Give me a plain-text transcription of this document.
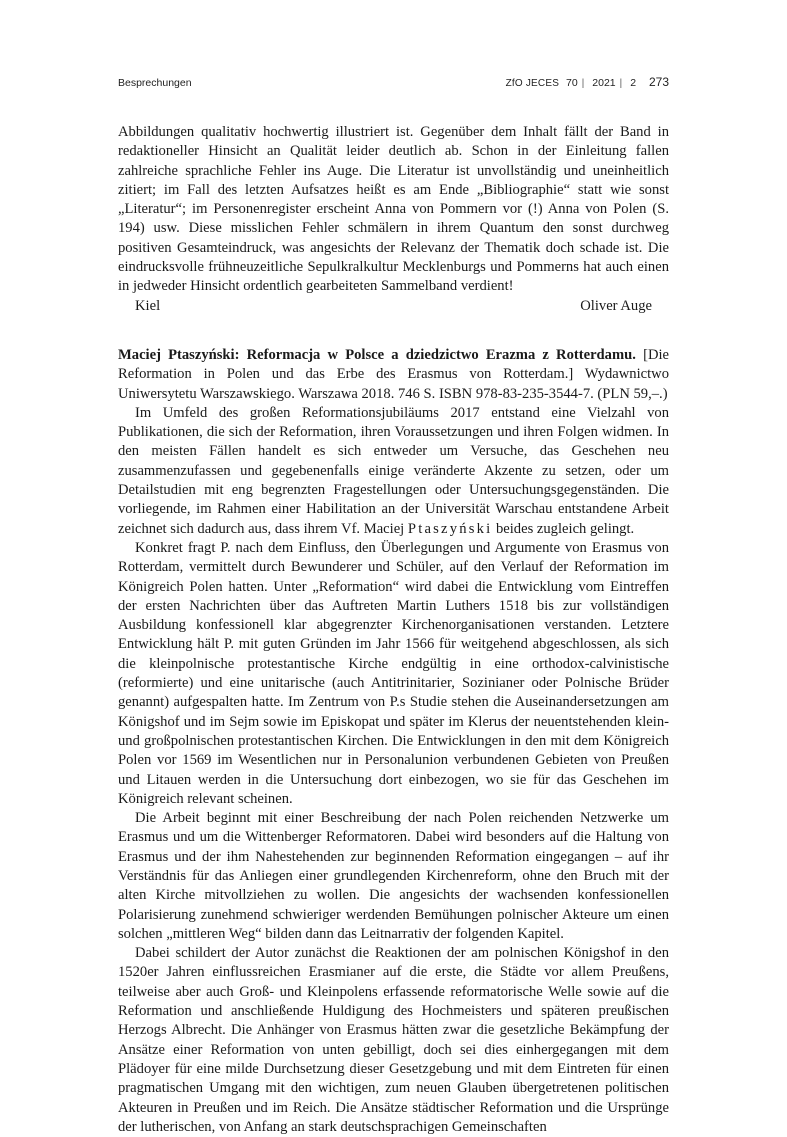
Besprechungen	ZfO JECES 70 | 2021 | 2 273

Abbildungen qualitativ hochwertig illustriert ist. Gegenüber dem Inhalt fällt der Band in redaktioneller Hinsicht an Qualität leider deutlich ab. Schon in der Einleitung fallen zahlreiche sprachliche Fehler ins Auge. Die Literatur ist unvollständig und uneinheitlich zitiert; im Fall des letzten Aufsatzes heißt es am Ende „Bibliographie“ statt wie sonst „Literatur“; im Personenregister erscheint Anna von Pommern vor (!) Anna von Polen (S. 194) usw. Diese misslichen Fehler schmälern in ihrem Quantum den sonst durchweg positiven Gesamteindruck, was angesichts der Relevanz der Thematik doch schade ist. Die eindrucksvolle frühneuzeitliche Sepulkralkultur Mecklenburgs und Pommerns hat auch einen in jedweder Hinsicht ordentlich gearbeiteten Sammelband verdient!

Kiel	Oliver Auge

Maciej Ptaszyński: Reformacja w Polsce a dziedzictwo Erazma z Rotterdamu. [Die Reformation in Polen und das Erbe des Erasmus von Rotterdam.] Wydawnictwo Uniwersytetu Warszawskiego. Warszawa 2018. 746 S. ISBN 978-83-235-3544-7. (PLN 59,–.)

Im Umfeld des großen Reformationsjubiläums 2017 entstand eine Vielzahl von Publikationen, die sich der Reformation, ihren Voraussetzungen und ihren Folgen widmen. In den meisten Fällen handelt es sich entweder um Versuche, das Geschehen neu zusammenzufassen und gegebenenfalls einige veränderte Akzente zu setzen, oder um Detailstudien mit eng begrenzten Fragestellungen oder Untersuchungsgegenständen. Die vorliegende, im Rahmen einer Habilitation an der Universität Warschau entstandene Arbeit zeichnet sich dadurch aus, dass ihrem Vf. Maciej Ptaszyński beides zugleich gelingt.

Konkret fragt P. nach dem Einfluss, den Überlegungen und Argumente von Erasmus von Rotterdam, vermittelt durch Bewunderer und Schüler, auf den Verlauf der Reformation im Königreich Polen hatten. Unter „Reformation“ wird dabei die Entwicklung vom Eintreffen der ersten Nachrichten über das Auftreten Martin Luthers 1518 bis zur vollständigen Ausbildung konfessionell klar abgegrenzter Kirchenorganisationen verstanden. Letztere Entwicklung hält P. mit guten Gründen im Jahr 1566 für weitgehend abgeschlossen, als sich die kleinpolnische protestantische Kirche endgültig in eine orthodox-calvinistische (reformierte) und eine unitarische (auch Antitrinitarier, Sozinianer oder Polnische Brüder genannt) aufgespalten hatte. Im Zentrum von P.s Studie stehen die Auseinandersetzungen am Königshof und im Sejm sowie im Episkopat und später im Klerus der neuentstehenden klein- und großpolnischen protestantischen Kirchen. Die Entwicklungen in den mit dem Königreich Polen vor 1569 im Wesentlichen nur in Personalunion verbundenen Gebieten von Preußen und Litauen werden in die Untersuchung dort einbezogen, wo sie für das Geschehen im Königreich relevant scheinen.

Die Arbeit beginnt mit einer Beschreibung der nach Polen reichenden Netzwerke um Erasmus und um die Wittenberger Reformatoren. Dabei wird besonders auf die Haltung von Erasmus und der ihm Nahestehenden zur beginnenden Reformation eingegangen – auf ihr Verständnis für das Anliegen einer grundlegenden Kirchenreform, ohne den Bruch mit der alten Kirche mitvollziehen zu wollen. Die angesichts der wachsenden konfessionellen Polarisierung zunehmend schwieriger werdenden Bemühungen polnischer Akteure um einen solchen „mittleren Weg“ bilden dann das Leitnarrativ der folgenden Kapitel.

Dabei schildert der Autor zunächst die Reaktionen der am polnischen Königshof in den 1520er Jahren einflussreichen Erasmianer auf die erste, die Städte vor allem Preußens, teilweise aber auch Groß- und Kleinpolens erfassende reformatorische Welle sowie auf die Reformation und anschließende Huldigung des Hochmeisters und späteren preußischen Herzogs Albrecht. Die Anhänger von Erasmus hätten zwar die gesetzliche Bekämpfung der Ansätze einer Reformation von unten gebilligt, doch sei dies einhergegangen mit dem Plädoyer für eine milde Durchsetzung dieser Gesetzgebung und mit dem Eintreten für einen pragmatischen Umgang mit den wichtigen, zum neuen Glauben übergetretenen politischen Akteuren in Preußen und im Reich. Die Ansätze städtischer Reformation und die Ursprünge der lutherischen, von Anfang an stark deutschsprachigen Gemeinschaften
